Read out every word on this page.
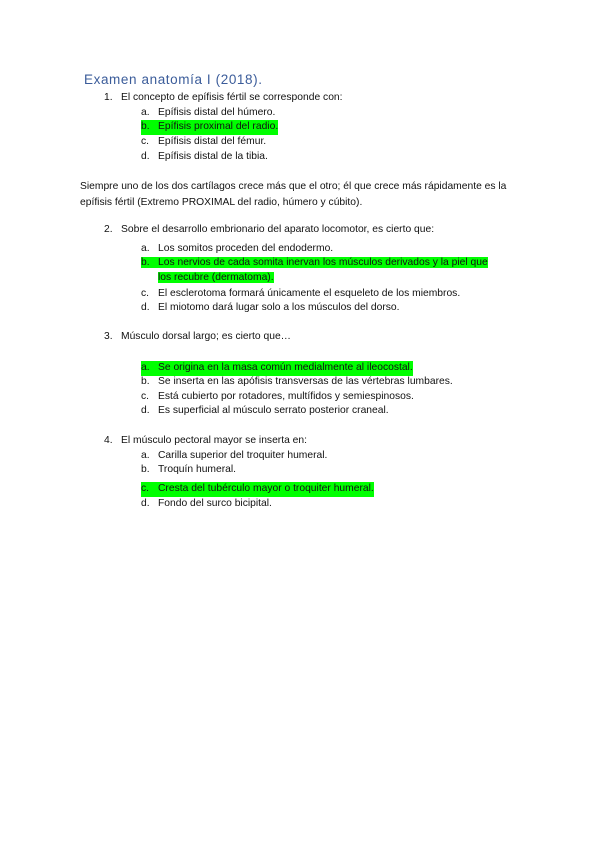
Examen anatomía I (2018).
1. El concepto de epífisis fértil se corresponde con:
a. Epífisis distal del húmero.
b. Epífisis proximal del radio.
c. Epífisis distal del fémur.
d. Epífisis distal de la tibia.
Siempre uno de los dos cartílagos crece más que el otro; él que crece más rápidamente es la epífisis fértil (Extremo PROXIMAL del radio, húmero y cúbito).
2. Sobre el desarrollo embrionario del aparato locomotor, es cierto que:
a. Los somitos proceden del endodermo.
b. Los nervios de cada somita inervan los músculos derivados y la piel que
los recubre (dermatoma).
c. El esclerotoma formará únicamente el esqueleto de los miembros.
d. El miotomo dará lugar solo a los músculos del dorso.
3. Músculo dorsal largo; es cierto que…
a. Se origina en la masa común medialmente al ileocostal.
b. Se inserta en las apófisis transversas de las vértebras lumbares.
c. Está cubierto por rotadores, multífidos y semiespinosos.
d. Es superficial al músculo serrato posterior craneal.
4. El músculo pectoral mayor se inserta en:
a. Carilla superior del troquiter humeral.
b. Troquín humeral.
c. Cresta del tubérculo mayor o troquiter humeral.
d. Fondo del surco bicipital.
